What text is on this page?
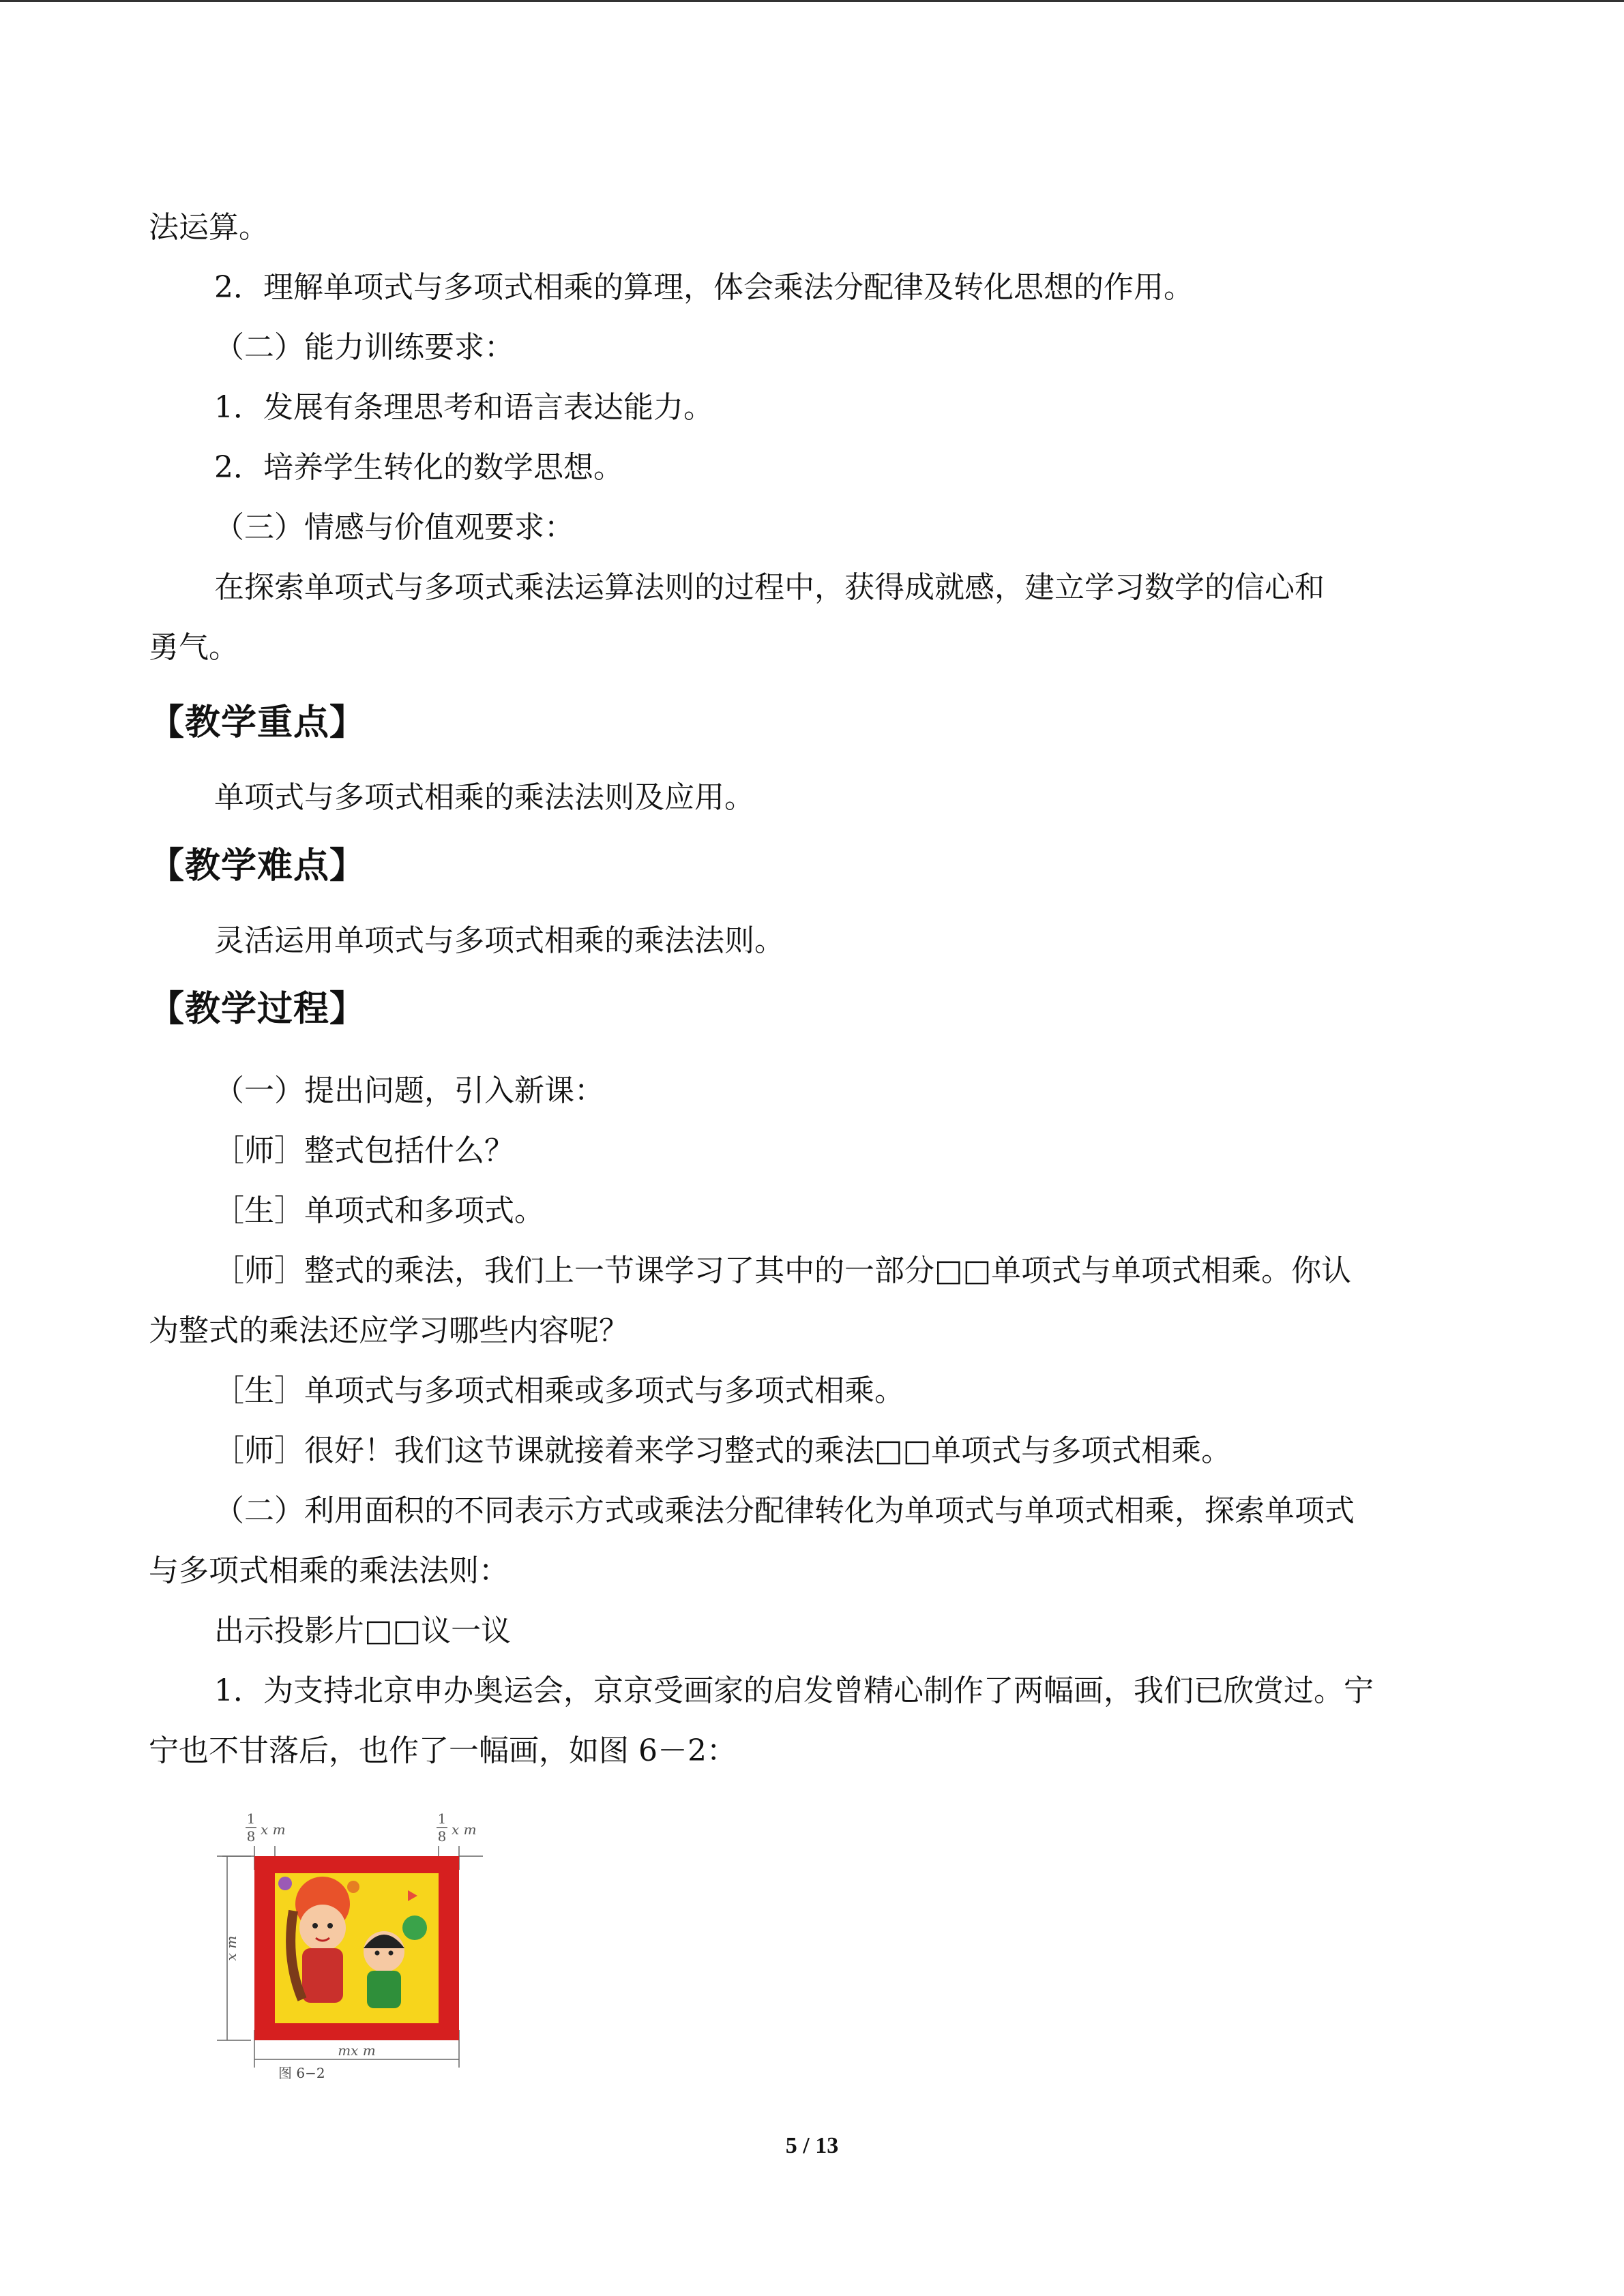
法运算。

2．理解单项式与多项式相乘的算理，体会乘法分配律及转化思想的作用。

（二）能力训练要求：

1．发展有条理思考和语言表达能力。

2．培养学生转化的数学思想。

（三）情感与价值观要求：

在探索单项式与多项式乘法运算法则的过程中，获得成就感，建立学习数学的信心和

勇气。

【教学重点】

单项式与多项式相乘的乘法法则及应用。

【教学难点】

灵活运用单项式与多项式相乘的乘法法则。

【教学过程】

（一）提出问题，引入新课：

［师］整式包括什么？

［生］单项式和多项式。

［师］整式的乘法，我们上一节课学习了其中的一部分□□单项式与单项式相乘。你认

为整式的乘法还应学习哪些内容呢？

［生］单项式与多项式相乘或多项式与多项式相乘。

［师］很好！我们这节课就接着来学习整式的乘法□□单项式与多项式相乘。

（二）利用面积的不同表示方式或乘法分配律转化为单项式与单项式相乘，探索单项式

与多项式相乘的乘法法则：

出示投影片□□议一议

1．为支持北京申办奥运会，京京受画家的启发曾精心制作了两幅画，我们已欣赏过。宁

宁也不甘落后，也作了一幅画，如图 6－2：

1
8 x m
1
8 x m
x m
mx m
图 6−2
5 / 13
